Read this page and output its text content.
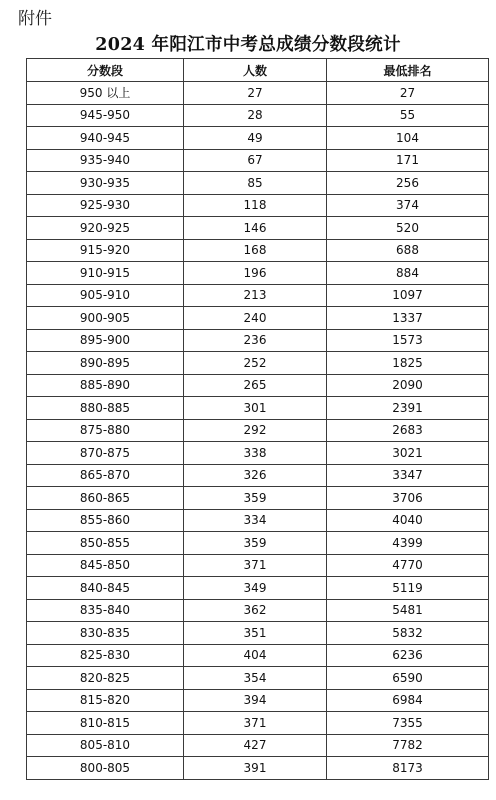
附件
2024 年阳江市中考总成绩分数段统计
分数段	人数	最低排名
950 以上	27	27
945-950	28	55
940-945	49	104
935-940	67	171
930-935	85	256
925-930	118	374
920-925	146	520
915-920	168	688
910-915	196	884
905-910	213	1097
900-905	240	1337
895-900	236	1573
890-895	252	1825
885-890	265	2090
880-885	301	2391
875-880	292	2683
870-875	338	3021
865-870	326	3347
860-865	359	3706
855-860	334	4040
850-855	359	4399
845-850	371	4770
840-845	349	5119
835-840	362	5481
830-835	351	5832
825-830	404	6236
820-825	354	6590
815-820	394	6984
810-815	371	7355
805-810	427	7782
800-805	391	8173
